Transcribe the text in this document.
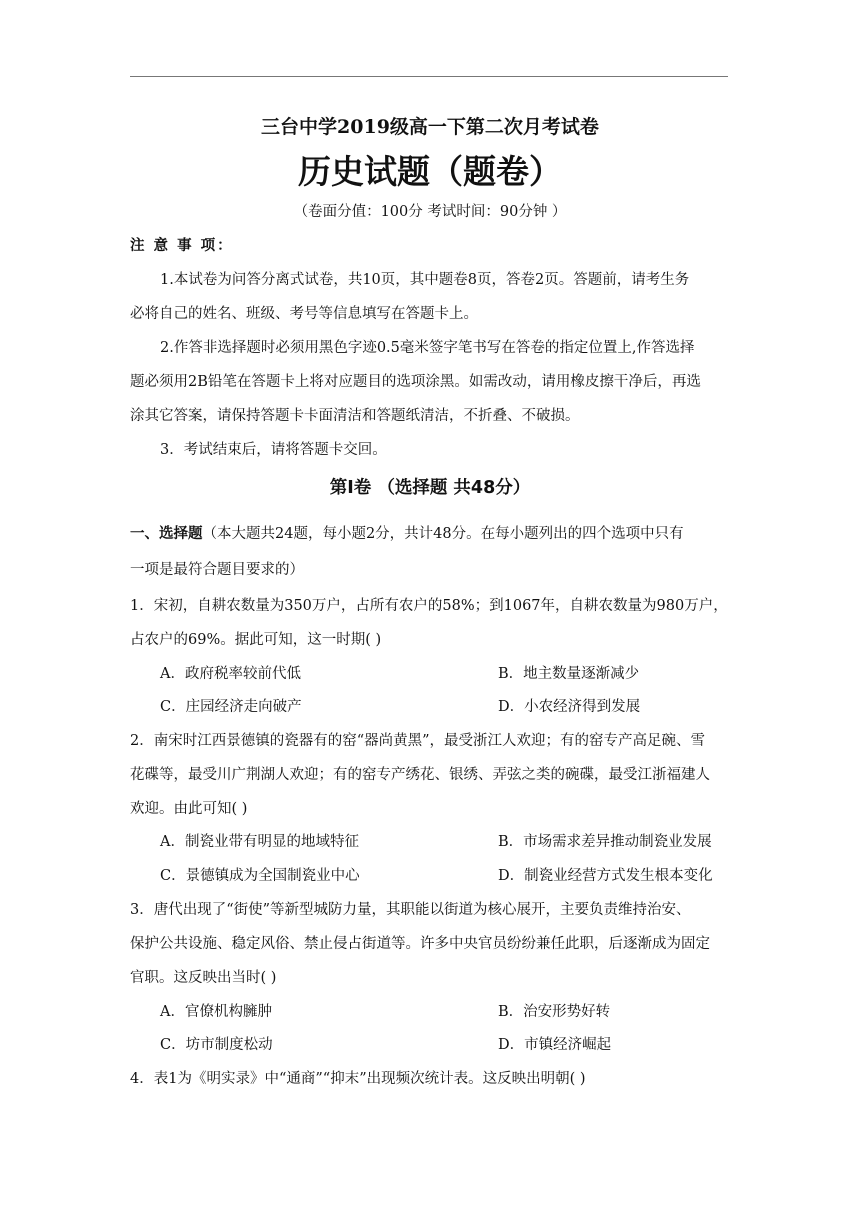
三台中学2019级高一下第二次月考试卷
历史试题（题卷）
（卷面分值：100分 考试时间：90分钟 ）
注 意 事 项：
1.本试卷为问答分离式试卷，共10页，其中题卷8页，答卷2页。答题前，请考生务
必将自己的姓名、班级、考号等信息填写在答题卡上。
2.作答非选择题时必须用黑色字迹0.5毫米签字笔书写在答卷的指定位置上,作答选择
题必须用2B铅笔在答题卡上将对应题目的选项涂黑。如需改动，请用橡皮擦干净后，再选
涂其它答案，请保持答题卡卡面清洁和答题纸清洁，不折叠、不破损。
3．考试结束后，请将答题卡交回。
第Ⅰ卷 （选择题 共48分）
一、选择题（本大题共24题，每小题2分，共计48分。在每小题列出的四个选项中只有
一项是最符合题目要求的）
1．宋初，自耕农数量为350万户，占所有农户的58%；到1067年，自耕农数量为980万户，
占农户的69%。据此可知，这一时期( )
A．政府税率较前代低	B．地主数量逐渐减少
C．庄园经济走向破产	D．小农经济得到发展
2．南宋时江西景德镇的瓷器有的窑“器尚黄黑”，最受浙江人欢迎；有的窑专产高足碗、雪
花碟等，最受川广荆湖人欢迎；有的窑专产绣花、银绣、弄弦之类的碗碟，最受江浙福建人
欢迎。由此可知( )
A．制瓷业带有明显的地域特征	B．市场需求差异推动制瓷业发展
C．景德镇成为全国制瓷业中心	D．制瓷业经营方式发生根本变化
3．唐代出现了“街使”等新型城防力量，其职能以街道为核心展开，主要负责维持治安、
保护公共设施、稳定风俗、禁止侵占街道等。许多中央官员纷纷兼任此职，后逐渐成为固定
官职。这反映出当时( )
A．官僚机构臃肿	B．治安形势好转
C．坊市制度松动	D．市镇经济崛起
4．表1为《明实录》中“通商”“抑末”出现频次统计表。这反映出明朝( )
